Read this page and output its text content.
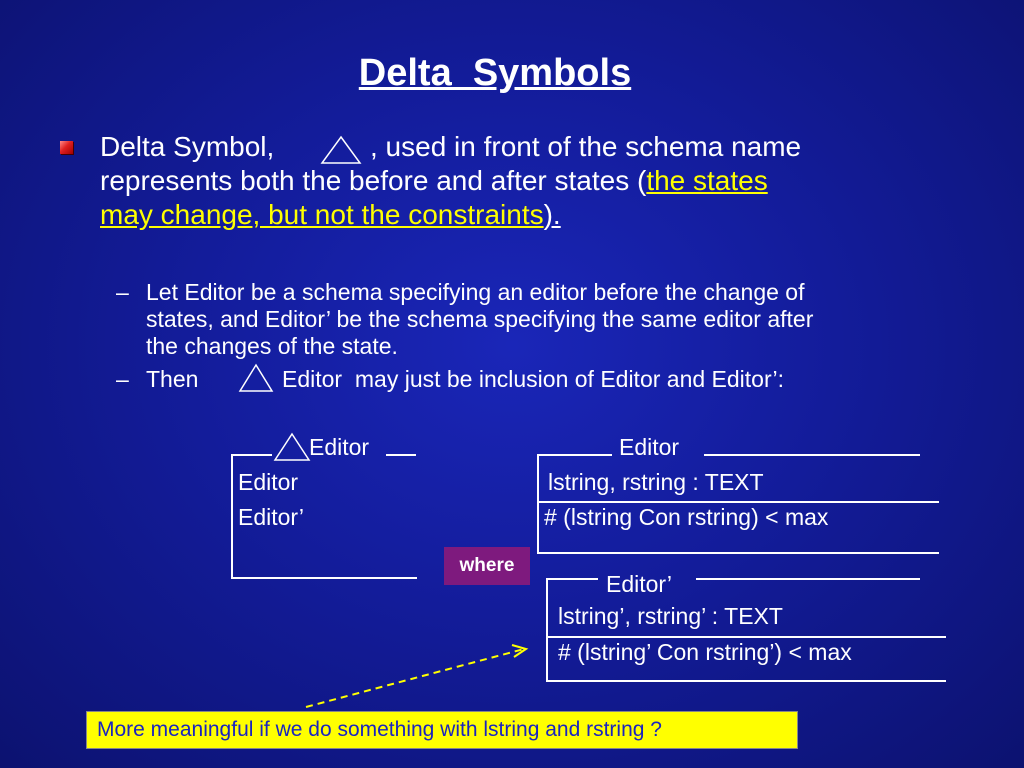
Delta  Symbols
Delta Symbol,	, used in front of the schema name
represents both the before and after states (the states
may change, but not the constraints).
– Let Editor be a schema specifying an editor before the change of
states, and Editor’ be the schema specifying the same editor after
the changes of the state.
– Then	Editor  may just be inclusion of Editor and Editor’:
Editor
Editor
Editor’
Editor
lstring, rstring : TEXT
# (lstring Con rstring) < max
where
Editor’
lstring’, rstring’ : TEXT
# (lstring’ Con rstring’) < max
More meaningful if we do something with lstring and rstring ?
